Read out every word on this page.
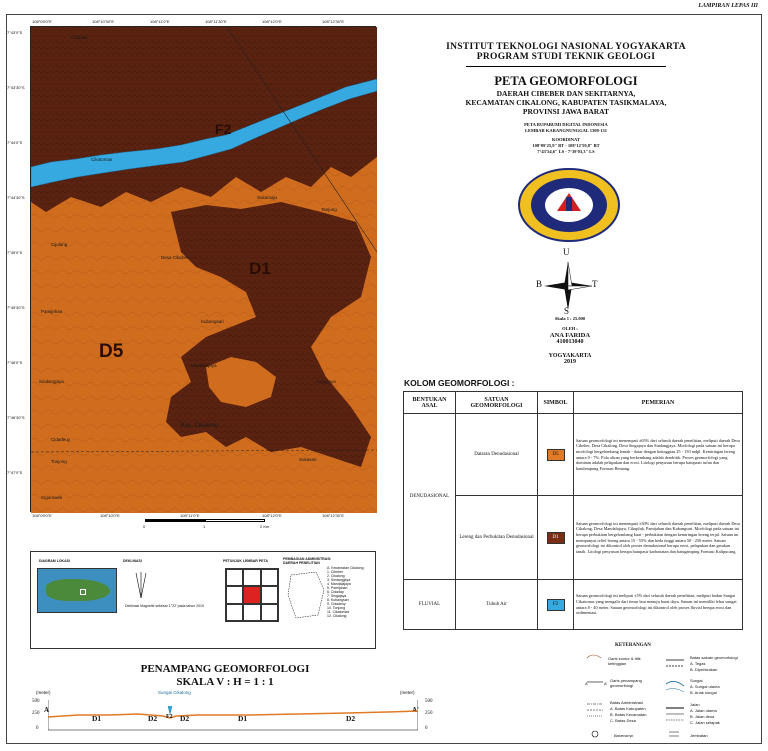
LAMPIRAN LEPAS III
D1
D5
F2
Kec. Cikalong
Desa Cibeber
Cidadap
Cijulang
Mandalajaya
Pamijahan
Sindangjaya
Kubangsari
Singajaya
Cidadeuy
Tonjong	Sukasari
Sukamaju
Tanjung
Cikatomas
Cigorowek
108°09'0"E	108°10'30"E	108°11'0"E	108°11'30"E	108°12'0"E	108°12'30"E
108°09'0"E	108°10'0"E	108°11'0"E	108°12'0"E	108°12'30"E
7°43'0"S
7°43'30"S
7°44'0"S
7°44'30"S
7°45'0"S
7°45'30"S
7°46'0"S
7°46'30"S
7°47'0"S
0	1	2 Km
INSTITUT TEKNOLOGI NASIONAL YOGYAKARTA
PROGRAM STUDI TEKNIK GEOLOGI
PETA GEOMORFOLOGI
DAERAH CIBEBER DAN SEKITARNYA,
KECAMATAN CIKALONG, KABUPATEN TASIKMALAYA,
PROVINSI JAWA BARAT
PETA RUPABUMI DIGITAL INDONESIA
LEMBAR KARANGNUNGGAL 1308-131
KOORDINAT
108°09'25,9" BT - 108°12'59,8" BT
7°43'54,6" LS - 7°39'03,3" LS
U
S
B	T
Skala 1 : 25.000
OLEH :
ANA FARIDA
410013040
YOGYAKARTA
2019
KOLOM GEOMORFOLOGI :
BENTUKAN ASAL	SATUAN GEOMORFOLOGI	SIMBOL	PEMERIAN
DENUDASIONAL	Dataran Denudasional	D5	Satuan geomorfologi ini menempati ±65% dari seluruh daerah penelitian, meliputi daerah Desa Cibeber, Desa Cikalong, Desa Singajaya dan Sindangjaya. Morfologi pada satuan ini berupa morfologi bergelombang lemah - datar dengan ketinggian 25 - 150 mdpl. Kemiringan lereng antara 0 - 7%. Pola aliran yang berkembang adalah dendritik. Proses geomorfologi yang dominan adalah pelapukan dan erosi. Litologi penyusun berupa batupasir tufan dan batulempung Formasi Bentang.
	Lereng dan Perbukitan Denudasional	D1	Satuan geomorfologi ini menempati ±30% dari seluruh daerah penelitian, meliputi daerah Desa Cikalong, Desa Mandalajaya, Cikupluk, Pamijahan dan Kubangsari. Morfologi pada satuan ini berupa perbukitan bergelombang kuat - perbukitan dengan kemiringan lereng terjal. Satuan ini mempunyai relief lereng antara 15 - 55% dan beda tinggi antara 50 - 250 meter. Satuan geomorfologi ini dikontrol oleh proses denudasional berupa erosi, pelapukan dan gerakan tanah. Litologi penyusun berupa batupasir karbonatan dan batugamping Formasi Kalipucang.
FLUVIAL	Tubuh Air	F2	Satuan geomorfologi ini meliputi ±5% dari seluruh daerah penelitian, meliputi badan Sungai Cikatomas yang mengalir dari timur laut menuju barat daya. Satuan ini memiliki lebar sungai antara 8 - 40 meter. Satuan geomorfologi ini dikontrol oleh proses fluvial berupa erosi dan sedimentasi.
DIAGRAM LOKASI	DEKLINASI
Deklinasi Magnetik sebesar 1°22' pada tahun 2019
PETUNJUK LEMBAR PETA	PEMBAGIAN ADMINISTRASI DAERAH PENELITIAN
A. Kecamatan Cikalong
1. Cibeber
2. Cikalong
3. Sindangjaya
4. Mandalajaya
5. Pamijahan
6. Cidadap
7. Singajaya
8. Kubangsari
9. Cidadeuy
10. Tonjong
11. Cikatomas
12. Cikalong
KETERANGAN
Garis kontur & titik ketinggian
A	A'
Garis penampang geomorfologi
Batas Administrasi
A. Batas Kabupaten
B. Batas Kecamatan
C. Batas Desa
Basecamp
Batas satuan geomorfologi
A. Tegas
B. Diperkirakan
Sungai
A. Sungai utama
B. Anak sungai
Jalan
A. Jalan utama
B. Jalan desa
C. Jalan setapak
Jembatan
PENAMPANG GEOMORFOLOGI
SKALA V : H = 1 : 1
(meter)	(meter)
500
250
0
500
250
0
A	A'
Sungai Cikalong
D1	D2 F2 D2	D1	D2
